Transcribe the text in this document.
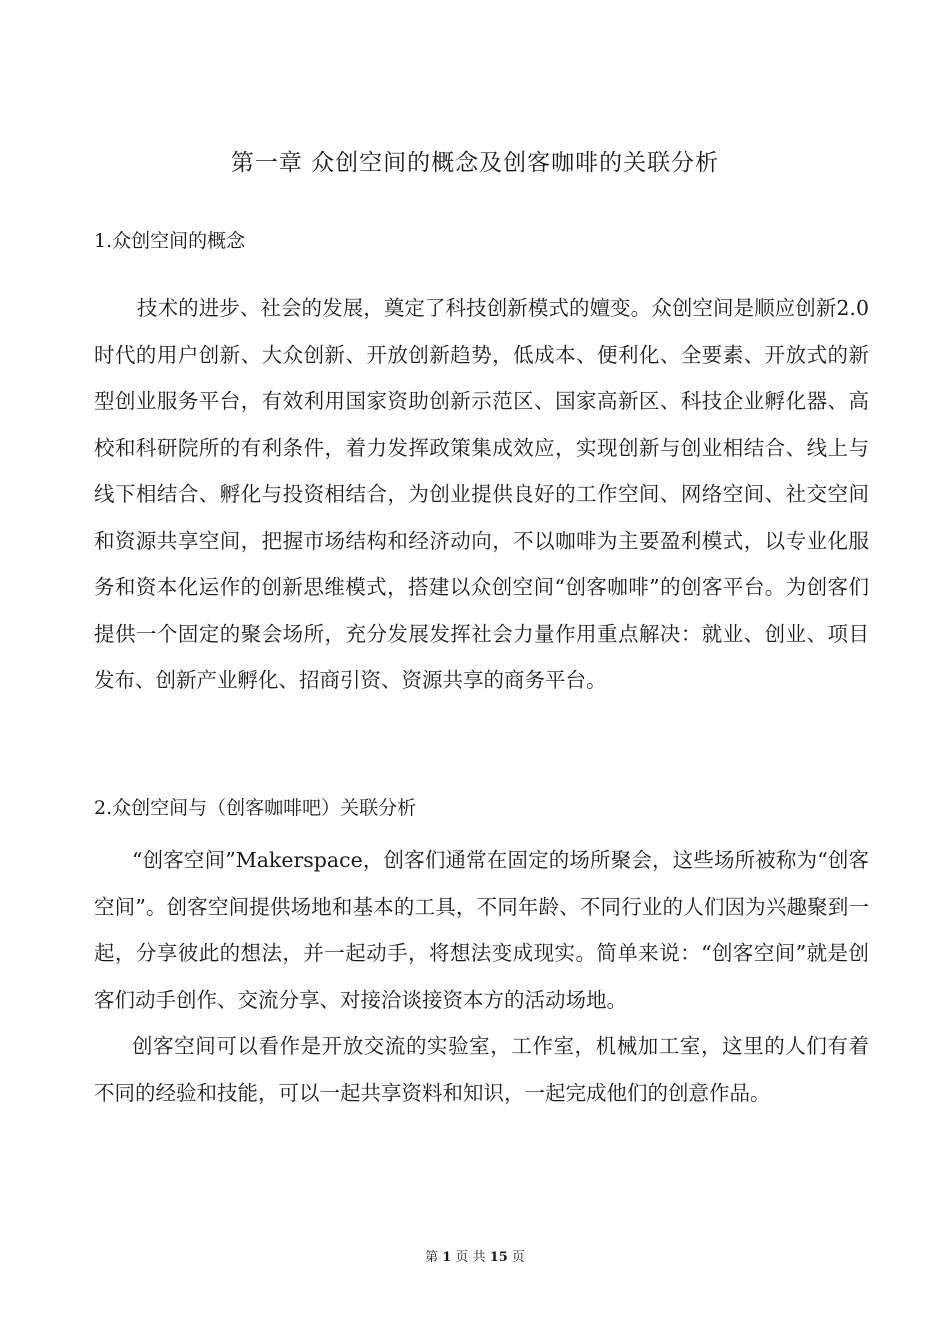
第一章 众创空间的概念及创客咖啡的关联分析
1.众创空间的概念

技术的进步、社会的发展，奠定了科技创新模式的嬗变。众创空间是顺应创新2.0时代的用户创新、大众创新、开放创新趋势，低成本、便利化、全要素、开放式的新型创业服务平台，有效利用国家资助创新示范区、国家高新区、科技企业孵化器、高校和科研院所的有利条件，着力发挥政策集成效应，实现创新与创业相结合、线上与线下相结合、孵化与投资相结合，为创业提供良好的工作空间、网络空间、社交空间和资源共享空间，把握市场结构和经济动向，不以咖啡为主要盈利模式，以专业化服务和资本化运作的创新思维模式，搭建以众创空间“创客咖啡”的创客平台。为创客们提供一个固定的聚会场所，充分发展发挥社会力量作用重点解决：就业、创业、项目发布、创新产业孵化、招商引资、资源共享的商务平台。

2.众创空间与（创客咖啡吧）关联分析

“创客空间”Makerspace，创客们通常在固定的场所聚会，这些场所被称为“创客空间”。创客空间提供场地和基本的工具，不同年龄、不同行业的人们因为兴趣聚到一起，分享彼此的想法，并一起动手，将想法变成现实。简单来说：“创客空间”就是创客们动手创作、交流分享、对接洽谈接资本方的活动场地。

创客空间可以看作是开放交流的实验室，工作室，机械加工室，这里的人们有着不同的经验和技能，可以一起共享资料和知识，一起完成他们的创意作品。

第 1 页 共 15 页
